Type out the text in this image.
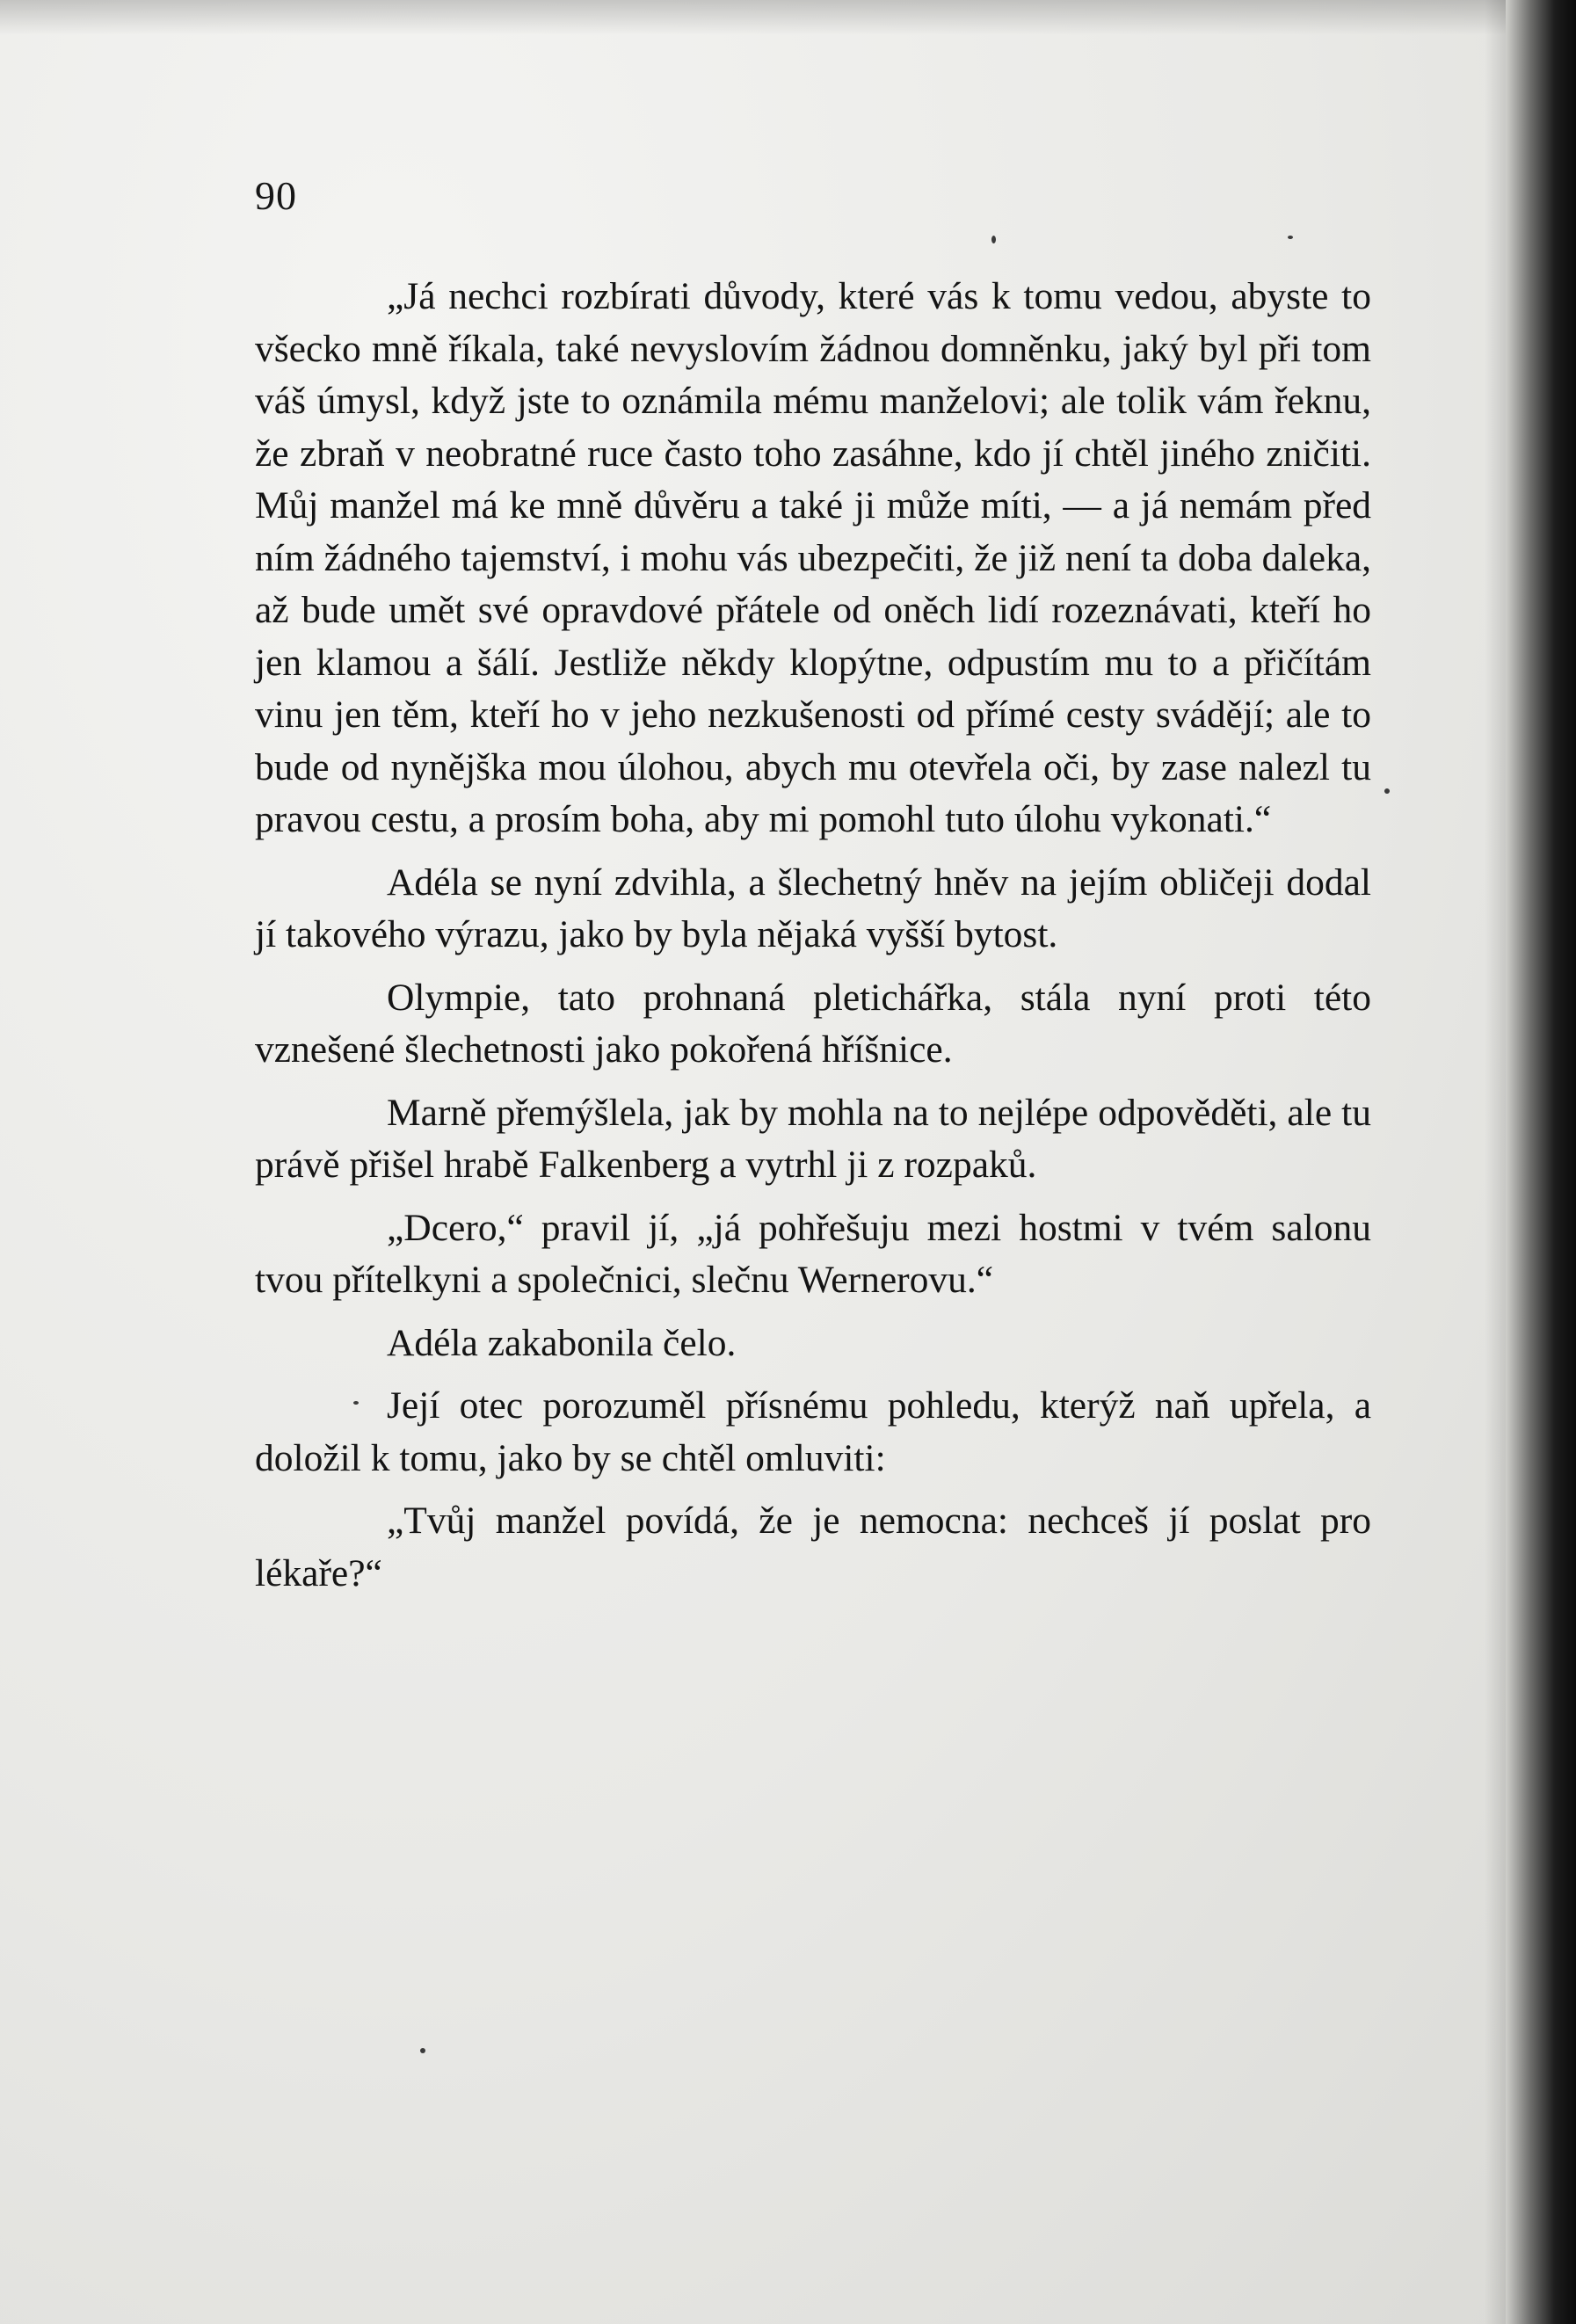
90

„Já nechci rozbírati důvody, které vás k tomu vedou, abyste to všecko mně říkala, také nevyslovím žádnou domněnku, jaký byl při tom váš úmysl, když jste to oznámila mému manželovi; ale tolik vám řeknu, že zbraň v neobratné ruce často toho zasáhne, kdo jí chtěl jiného zničiti. Můj manžel má ke mně důvěru a také ji může míti, — a já nemám před ním žádného tajemství, i mohu vás ubezpečiti, že již není ta doba daleka, až bude umět své opravdové přátele od oněch lidí rozeznávati, kteří ho jen klamou a šálí. Jestliže někdy klopýtne, odpustím mu to a přičítám vinu jen těm, kteří ho v jeho nezkušenosti od přímé cesty svádějí; ale to bude od nynějška mou úlohou, abych mu otevřela oči, by zase nalezl tu pravou cestu, a prosím boha, aby mi pomohl tuto úlohu vykonati.“

Adéla se nyní zdvihla, a šlechetný hněv na jejím obličeji dodal jí takového výrazu, jako by byla nějaká vyšší bytost.

Olympie, tato prohnaná pletichářka, stála nyní proti této vznešené šlechetnosti jako pokořená hříšnice.

Marně přemýšlela, jak by mohla na to nejlépe odpověděti, ale tu právě přišel hrabě Falkenberg a vytrhl ji z rozpaků.

„Dcero,“ pravil jí, „já pohřešuju mezi hostmi v tvém salonu tvou přítelkyni a společnici, slečnu Wernerovu.“

Adéla zakabonila čelo.

Její otec porozuměl přísnému pohledu, kterýž naň upřela, a doložil k tomu, jako by se chtěl omluviti:

„Tvůj manžel povídá, že je nemocna: nechceš jí poslat pro lékaře?“
